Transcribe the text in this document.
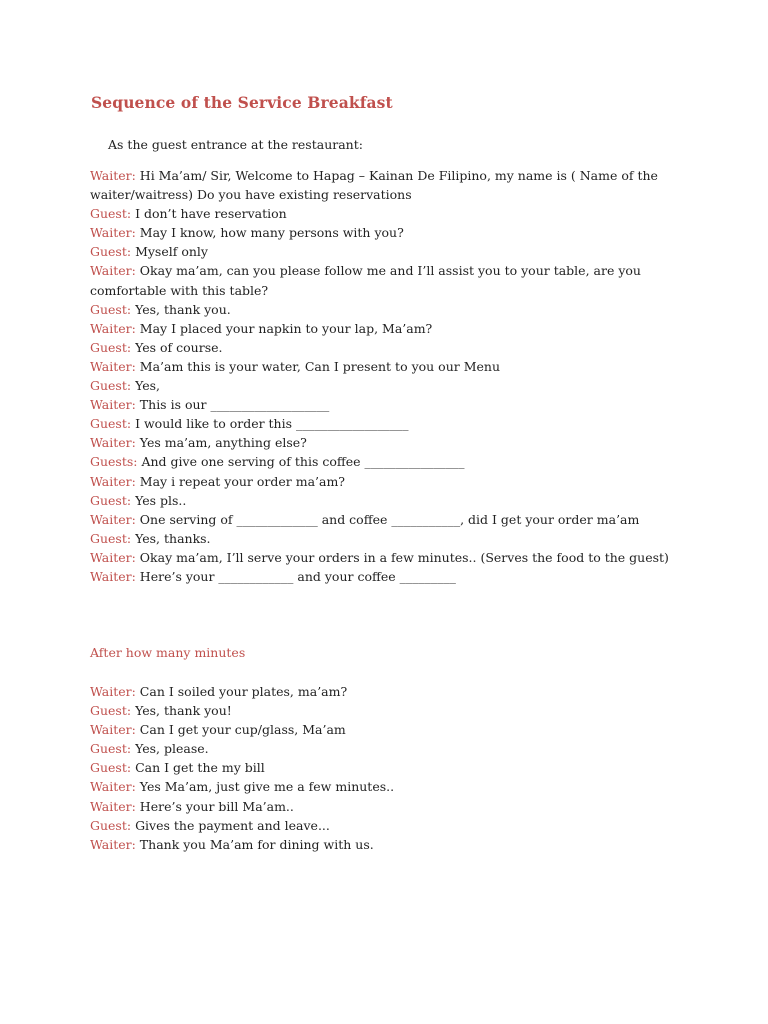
Sequence of the Service Breakfast
As the guest entrance at the restaurant:
Waiter: Hi Ma’am/ Sir, Welcome to Hapag – Kainan De Filipino, my name is ( Name of the waiter/waitress) Do you have existing reservations
Guest: I don’t have reservation
Waiter: May I know, how many persons with you?
Guest: Myself only
Waiter: Okay ma’am, can you please follow me and I’ll assist you to your table, are you comfortable with this table?
Guest: Yes, thank you.
Waiter: May I placed your napkin to your lap, Ma’am?
Guest: Yes of course.
Waiter: Ma’am this is your water, Can I present to you our Menu
Guest: Yes,
Waiter: This is our ___________________
Guest: I would like to order this __________________
Waiter: Yes ma’am, anything else?
Guests: And give one serving of this coffee ________________
Waiter: May i repeat your order ma’am?
Guest: Yes pls..
Waiter: One serving of _____________ and coffee ___________, did I get your order ma’am
Guest: Yes, thanks.
Waiter: Okay ma’am, I’ll serve your orders in a few minutes.. (Serves the food to the guest)
Waiter: Here’s your ____________ and your coffee _________
After how many minutes
Waiter: Can I soiled your plates, ma’am?
Guest: Yes, thank you!
Waiter: Can I get your cup/glass, Ma’am
Guest: Yes, please.
Guest: Can I get the my bill
Waiter: Yes Ma’am, just give me a few minutes..
Waiter: Here’s your bill Ma’am..
Guest: Gives the payment and leave...
Waiter: Thank you Ma’am for dining with us.
